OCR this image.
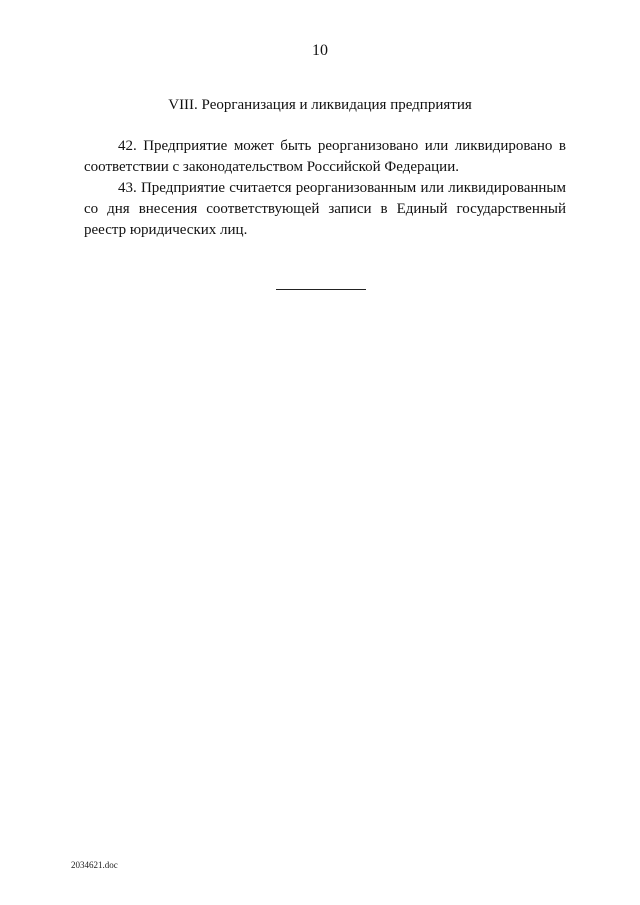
10
VIII. Реорганизация и ликвидация предприятия

42. Предприятие может быть реорганизовано или ликвидировано в соответствии с законодательством Российской Федерации.

43. Предприятие считается реорганизованным или ликвидированным со дня внесения соответствующей записи в Единый государственный реестр юридических лиц.

2034621.doc
